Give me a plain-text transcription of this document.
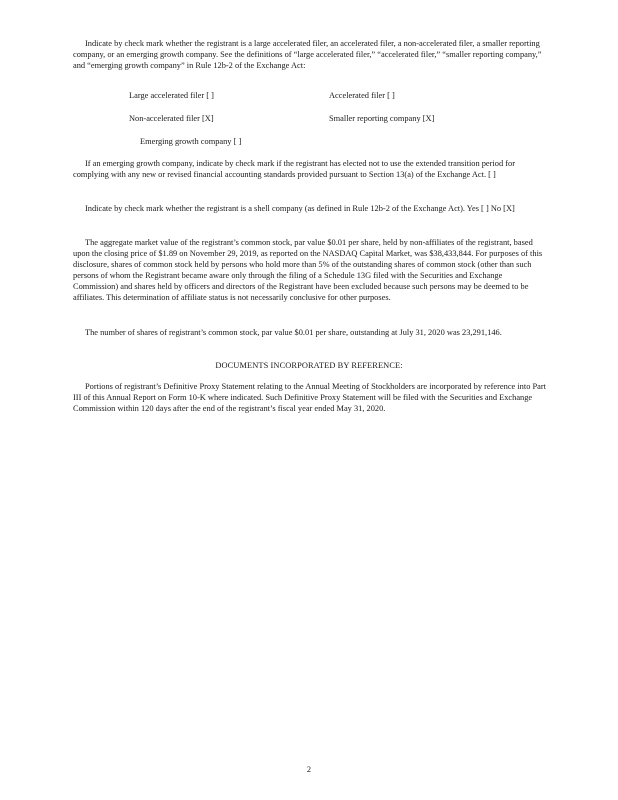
Indicate by check mark whether the registrant is a large accelerated filer, an accelerated filer, a non-accelerated filer, a smaller reporting company, or an emerging growth company. See the definitions of “large accelerated filer,” “accelerated filer,” “smaller reporting company,” and “emerging growth company” in Rule 12b-2 of the Exchange Act:

Large accelerated filer [ ]	Accelerated filer [ ]
Non-accelerated filer [X]	Smaller reporting company [X]
Emerging growth company [ ]

If an emerging growth company, indicate by check mark if the registrant has elected not to use the extended transition period for complying with any new or revised financial accounting standards provided pursuant to Section 13(a) of the Exchange Act. [ ]

Indicate by check mark whether the registrant is a shell company (as defined in Rule 12b-2 of the Exchange Act). Yes [ ] No [X]

The aggregate market value of the registrant’s common stock, par value $0.01 per share, held by non-affiliates of the registrant, based upon the closing price of $1.89 on November 29, 2019, as reported on the NASDAQ Capital Market, was $38,433,844. For purposes of this disclosure, shares of common stock held by persons who hold more than 5% of the outstanding shares of common stock (other than such persons of whom the Registrant became aware only through the filing of a Schedule 13G filed with the Securities and Exchange Commission) and shares held by officers and directors of the Registrant have been excluded because such persons may be deemed to be affiliates. This determination of affiliate status is not necessarily conclusive for other purposes.

The number of shares of registrant’s common stock, par value $0.01 per share, outstanding at July 31, 2020 was 23,291,146.

DOCUMENTS INCORPORATED BY REFERENCE:

Portions of registrant’s Definitive Proxy Statement relating to the Annual Meeting of Stockholders are incorporated by reference into Part III of this Annual Report on Form 10-K where indicated. Such Definitive Proxy Statement will be filed with the Securities and Exchange Commission within 120 days after the end of the registrant’s fiscal year ended May 31, 2020.

2
